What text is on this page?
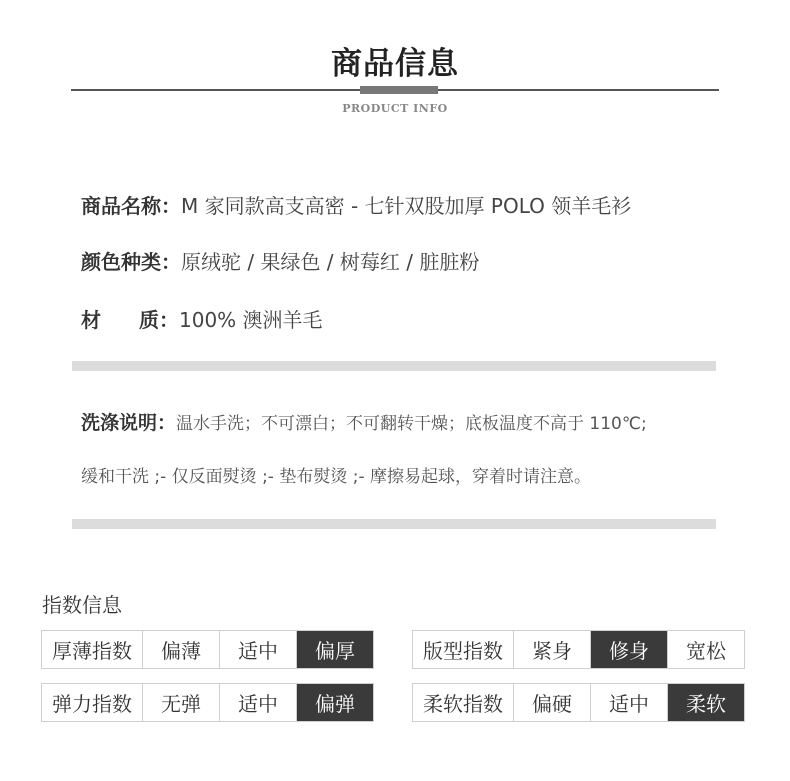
商品信息
PRODUCT INFO
商品名称：M 家同款高支高密 - 七针双股加厚 POLO 领羊毛衫
颜色种类：原绒驼 / 果绿色 / 树莓红 / 脏脏粉
材 质：100% 澳洲羊毛
洗涤说明：温水手洗；不可漂白；不可翻转干燥；底板温度不高于 110℃;
缓和干洗 ;- 仅反面熨烫 ;- 垫布熨烫 ;- 摩擦易起球，穿着时请注意。
指数信息
厚薄指数	偏薄	适中	偏厚	版型指数	紧身	修身	宽松
弹力指数	无弹	适中	偏弹	柔软指数	偏硬	适中	柔软
